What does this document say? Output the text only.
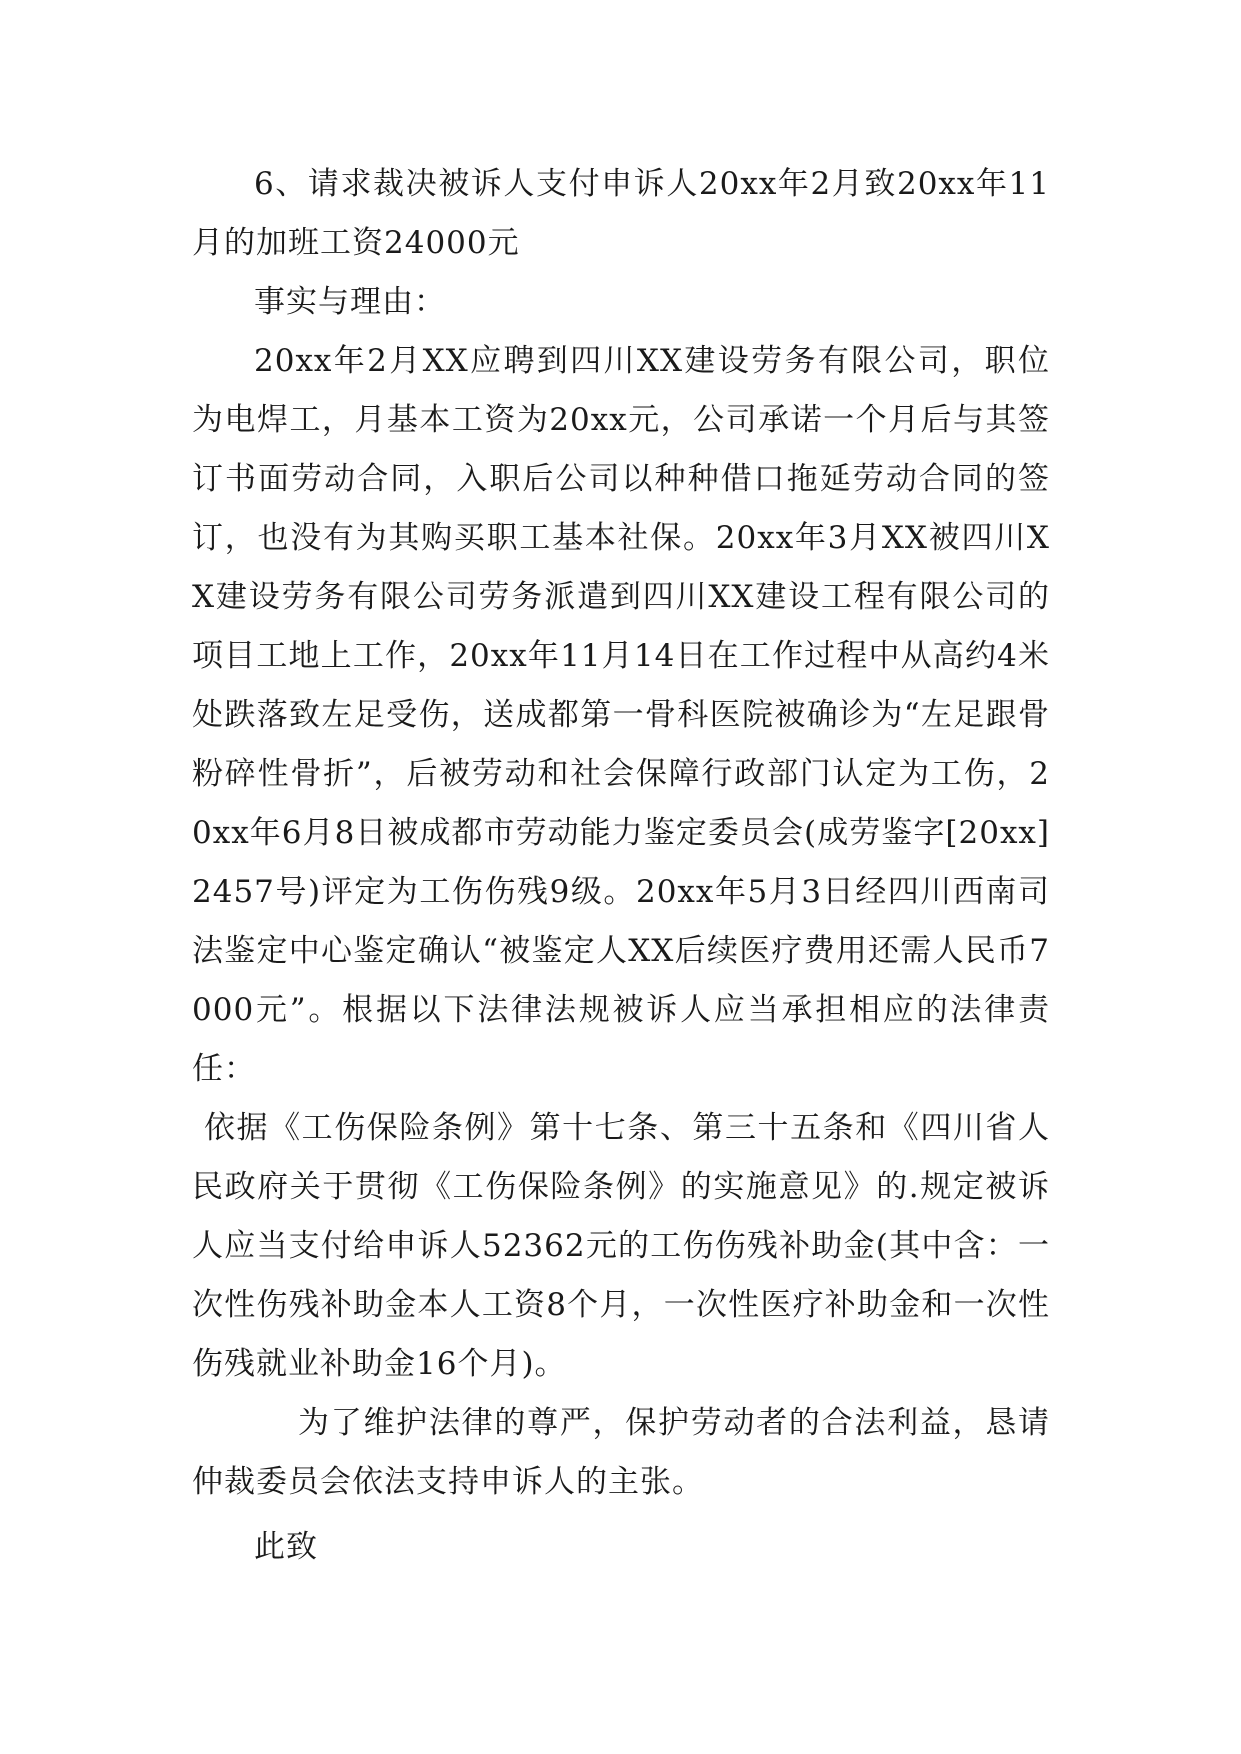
6、请求裁决被诉人支付申诉人20xx年2月致20xx年11月的加班工资24000元

事实与理由：

20xx年2月XX应聘到四川XX建设劳务有限公司，职位为电焊工，月基本工资为20xx元，公司承诺一个月后与其签订书面劳动合同，入职后公司以种种借口拖延劳动合同的签订，也没有为其购买职工基本社保。20xx年3月XX被四川XX建设劳务有限公司劳务派遣到四川XX建设工程有限公司的项目工地上工作，20xx年11月14日在工作过程中从高约4米处跌落致左足受伤，送成都第一骨科医院被确诊为“左足跟骨粉碎性骨折”，后被劳动和社会保障行政部门认定为工伤，20xx年6月8日被成都市劳动能力鉴定委员会(成劳鉴字[20xx]2457号)评定为工伤伤残9级。20xx年5月3日经四川西南司法鉴定中心鉴定确认“被鉴定人XX后续医疗费用还需人民币7000元”。根据以下法律法规被诉人应当承担相应的法律责任：

依据《工伤保险条例》第十七条、第三十五条和《四川省人民政府关于贯彻《工伤保险条例》的实施意见》的.规定被诉人应当支付给申诉人52362元的工伤伤残补助金(其中含：一次性伤残补助金本人工资8个月，一次性医疗补助金和一次性伤残就业补助金16个月)。

为了维护法律的尊严，保护劳动者的合法利益，恳请仲裁委员会依法支持申诉人的主张。

此致
